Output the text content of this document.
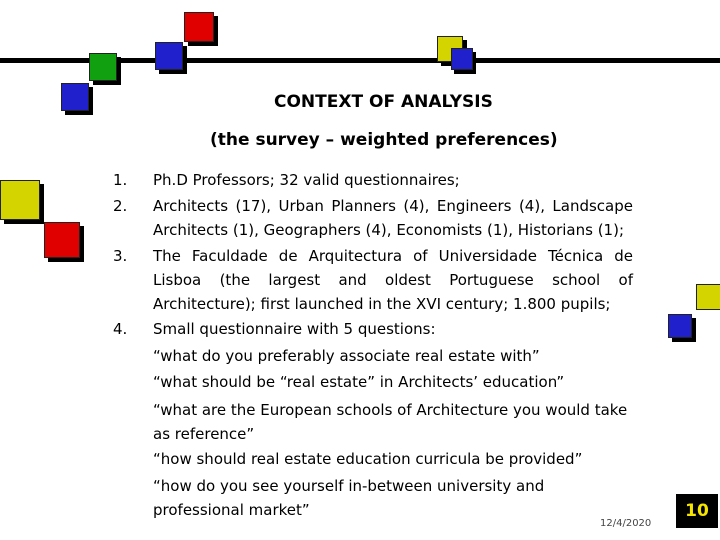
CONTEXT OF ANALYSIS
(the survey – weighted preferences)
1. Ph.D Professors; 32 valid questionnaires;
2. Architects (17), Urban Planners (4), Engineers (4), Landscape Architects (1), Geographers (4), Economists (1), Historians (1);
3. The Faculdade de Arquitectura of Universidade Técnica de Lisboa (the largest and oldest Portuguese school of Architecture); first launched in the XVI century; 1.800 pupils;
4. Small questionnaire with 5 questions:
“what do you preferably associate real estate with”
“what should be “real estate” in Architects’ education”
“what are the European schools of Architecture you would take as reference”
“how should real estate education curricula be provided”
“how do you see yourself in-between university and professional market”
12/4/2020
10
